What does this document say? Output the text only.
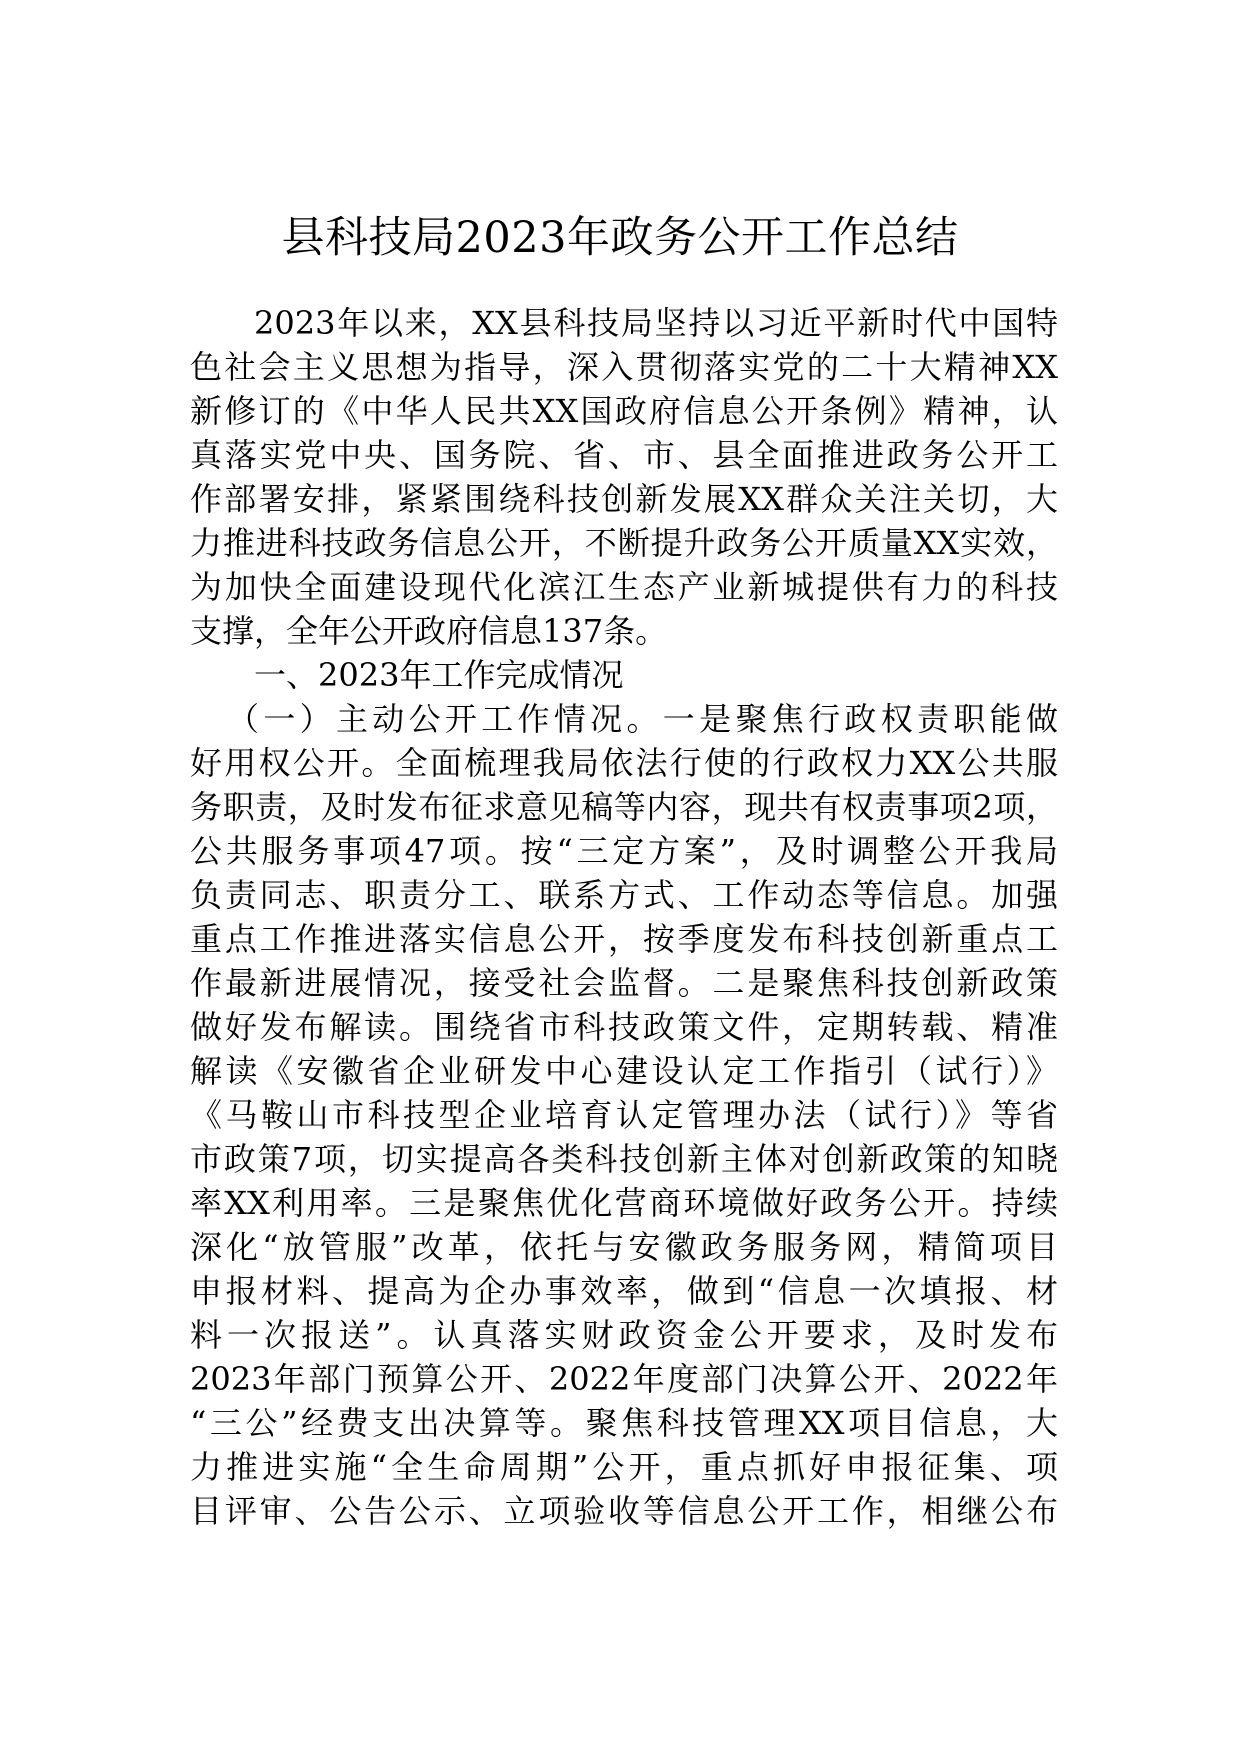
县科技局2023年政务公开工作总结
2023年以来，XX县科技局坚持以习近平新时代中国特
色社会主义思想为指导，深入贯彻落实党的二十大精神XX
新修订的《中华人民共XX国政府信息公开条例》精神，认
真落实党中央、国务院、省、市、县全面推进政务公开工
作部署安排，紧紧围绕科技创新发展XX群众关注关切，大
力推进科技政务信息公开，不断提升政务公开质量XX实效，
为加快全面建设现代化滨江生态产业新城提供有力的科技
支撑，全年公开政府信息137条。
一、2023年工作完成情况
（一）主动公开工作情况。一是聚焦行政权责职能做
好用权公开。全面梳理我局依法行使的行政权力XX公共服
务职责，及时发布征求意见稿等内容，现共有权责事项2项，
公共服务事项47项。按“三定方案”，及时调整公开我局
负责同志、职责分工、联系方式、工作动态等信息。加强
重点工作推进落实信息公开，按季度发布科技创新重点工
作最新进展情况，接受社会监督。二是聚焦科技创新政策
做好发布解读。围绕省市科技政策文件，定期转载、精准
解读《安徽省企业研发中心建设认定工作指引（试行）》
《马鞍山市科技型企业培育认定管理办法（试行）》等省
市政策7项，切实提高各类科技创新主体对创新政策的知晓
率XX利用率。三是聚焦优化营商环境做好政务公开。持续
深化“放管服”改革，依托与安徽政务服务网，精简项目
申报材料、提高为企办事效率，做到“信息一次填报、材
料一次报送”。认真落实财政资金公开要求，及时发布
2023年部门预算公开、2022年度部门决算公开、2022年
“三公”经费支出决算等。聚焦科技管理XX项目信息，大
力推进实施“全生命周期”公开，重点抓好申报征集、项
目评审、公告公示、立项验收等信息公开工作，相继公布
